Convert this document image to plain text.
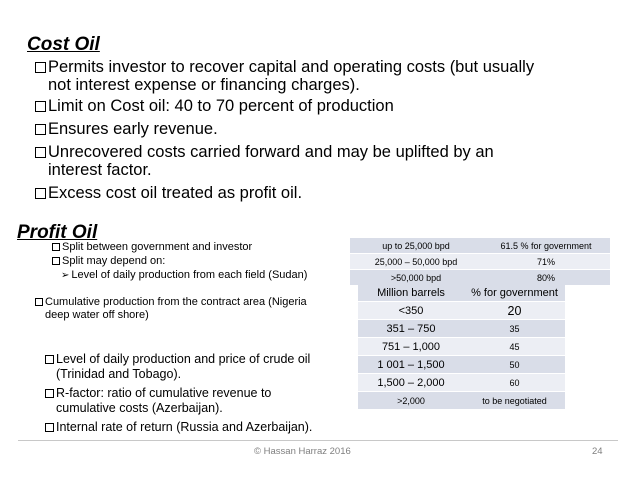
Cost Oil
Permits investor to recover capital and operating costs (but usually
not interest expense or financing charges).
Limit on Cost oil: 40 to 70 percent of production
Ensures early revenue.
Unrecovered costs carried forward and may be uplifted by an
interest factor.
Excess cost oil treated as profit oil.
Profit Oil
Split between government and investor
Split may depend on:
➢ Level of daily production from each field (Sudan)
Cumulative production from the contract area (Nigeria
deep water off shore)
Level of daily production and price of crude oil
(Trinidad and Tobago).
R-factor: ratio of cumulative revenue to
cumulative costs (Azerbaijan).
Internal rate of return (Russia and Azerbaijan).
up to 25,000 bpd	61.5 % for government
25,000 – 50,000 bpd	71%
>50,000 bpd	80%
Million barrels	% for government
<350	20
351 – 750	35
751 – 1,000	45
1 001 – 1,500	50
1,500 – 2,000	60
>2,000	to be negotiated
© Hassan Harraz 2016	24
